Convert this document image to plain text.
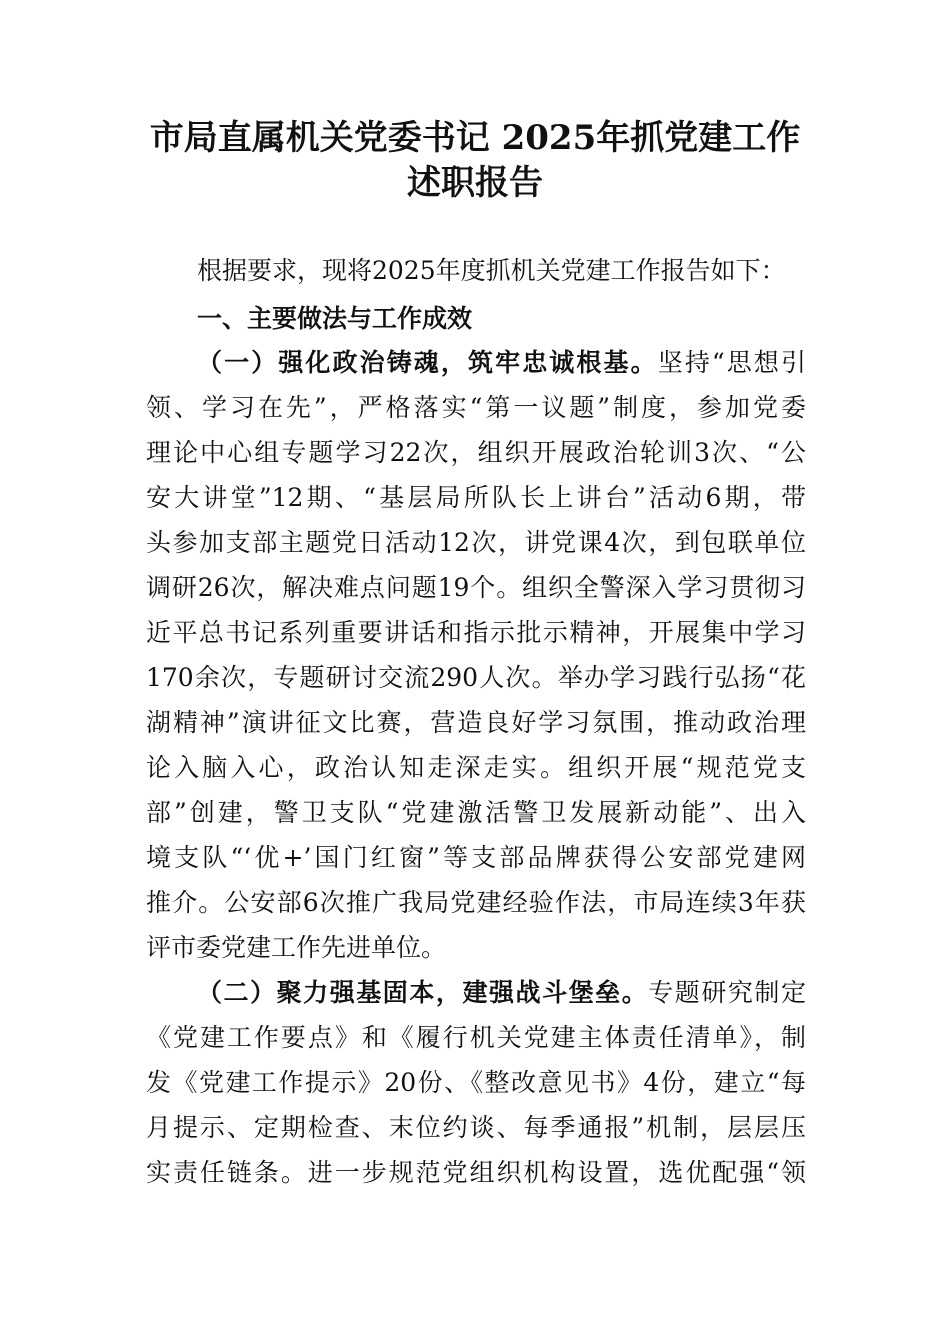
市局直属机关党委书记 2025年抓党建工作
述职报告
根据要求，现将2025年度抓机关党建工作报告如下：
一、主要做法与工作成效
（一）强化政治铸魂，筑牢忠诚根基。坚持“思想引
领、学习在先”，严格落实“第一议题”制度，参加党委
理论中心组专题学习22次，组织开展政治轮训3次、“公
安大讲堂”12期、“基层局所队长上讲台”活动6期，带
头参加支部主题党日活动12次，讲党课4次，到包联单位
调研26次，解决难点问题19个。组织全警深入学习贯彻习
近平总书记系列重要讲话和指示批示精神，开展集中学习
170余次，专题研讨交流290人次。举办学习践行弘扬“花
湖精神”演讲征文比赛，营造良好学习氛围，推动政治理
论入脑入心，政治认知走深走实。组织开展“规范党支
部”创建，警卫支队“党建激活警卫发展新动能”、出入
境支队“‘优+’国门红窗”等支部品牌获得公安部党建网
推介。公安部6次推广我局党建经验作法，市局连续3年获
评市委党建工作先进单位。
（二）聚力强基固本，建强战斗堡垒。专题研究制定
《党建工作要点》和《履行机关党建主体责任清单》，制
发《党建工作提示》20份、《整改意见书》4份，建立“每
月提示、定期检查、末位约谈、每季通报”机制，层层压
实责任链条。进一步规范党组织机构设置，选优配强“领
